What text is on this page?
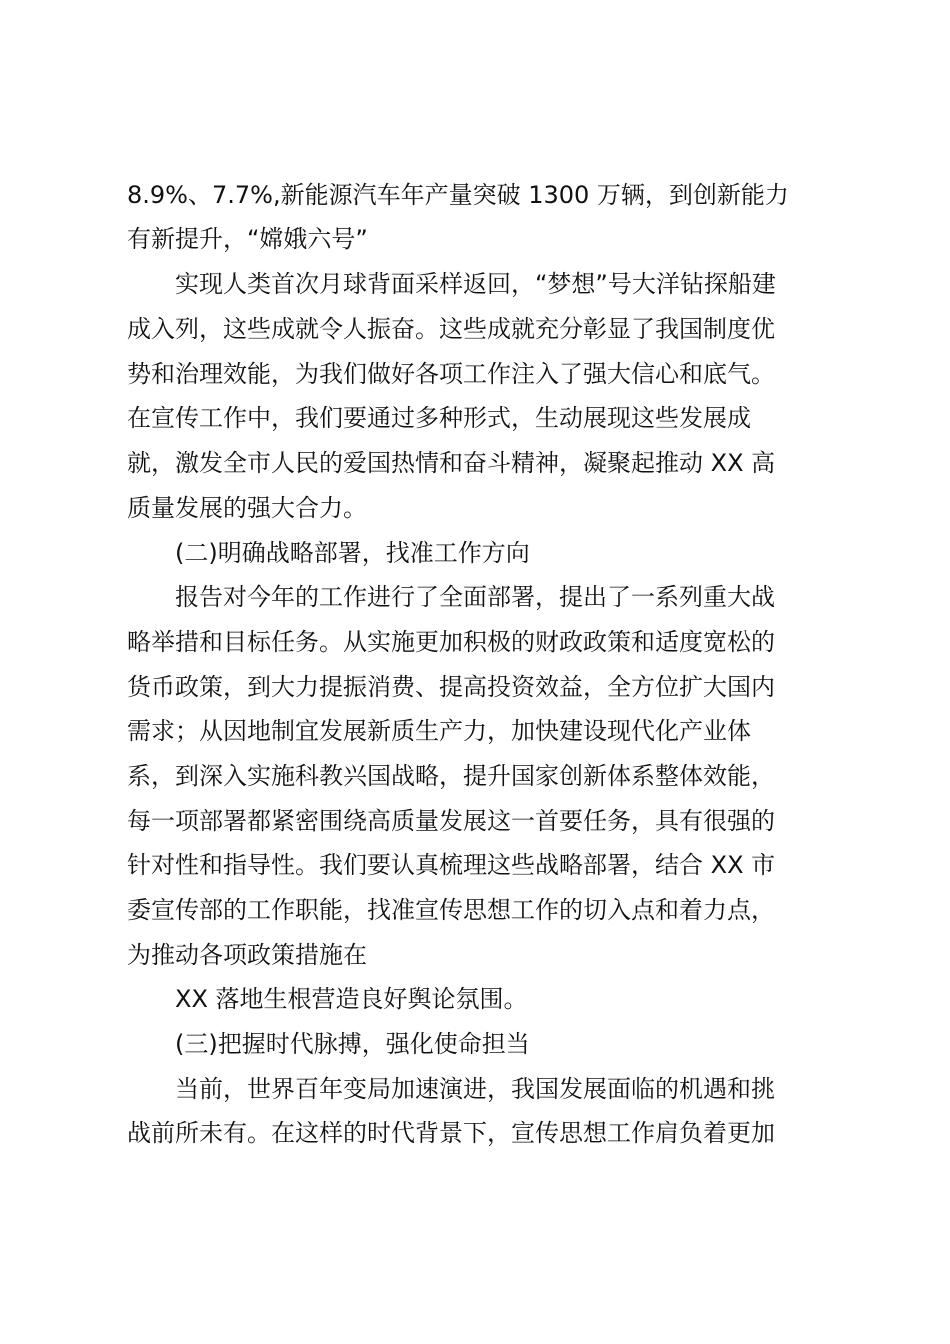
8.9%、7.7%,新能源汽车年产量突破 1300 万辆，到创新能力
有新提升，“嫦娥六号”
实现人类首次月球背面采样返回，“梦想”号大洋钻探船建
成入列，这些成就令人振奋。这些成就充分彰显了我国制度优
势和治理效能，为我们做好各项工作注入了强大信心和底气。
在宣传工作中，我们要通过多种形式，生动展现这些发展成
就，激发全市人民的爱国热情和奋斗精神，凝聚起推动 XX 高
质量发展的强大合力。
(二)明确战略部署，找准工作方向
报告对今年的工作进行了全面部署，提出了一系列重大战
略举措和目标任务。从实施更加积极的财政政策和适度宽松的
货币政策，到大力提振消费、提高投资效益，全方位扩大国内
需求；从因地制宜发展新质生产力，加快建设现代化产业体
系，到深入实施科教兴国战略，提升国家创新体系整体效能，
每一项部署都紧密围绕高质量发展这一首要任务，具有很强的
针对性和指导性。我们要认真梳理这些战略部署，结合 XX 市
委宣传部的工作职能，找准宣传思想工作的切入点和着力点，
为推动各项政策措施在
XX 落地生根营造良好舆论氛围。
(三)把握时代脉搏，强化使命担当
当前，世界百年变局加速演进，我国发展面临的机遇和挑
战前所未有。在这样的时代背景下，宣传思想工作肩负着更加
